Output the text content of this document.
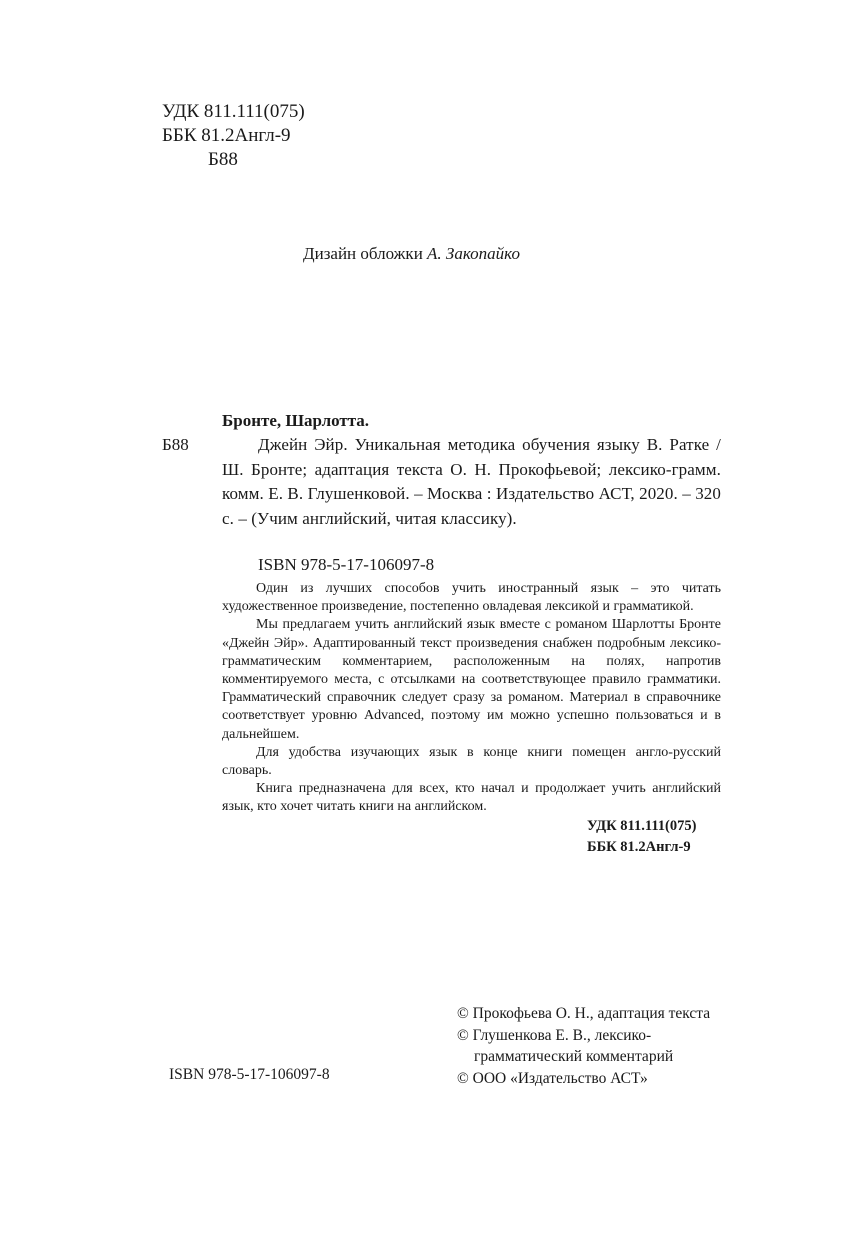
УДК 811.111(075)
ББК 81.2Англ-9
Б88
Дизайн обложки А. Закопайко
Бронте, Шарлотта.
Б88	Джейн Эйр. Уникальная методика обучения языку В. Ратке / Ш. Бронте; адаптация текста О. Н. Прокофьевой; лексико-грамм. комм. Е. В. Глушенковой. – Москва : Издательство АСТ, 2020. – 320 с. – (Учим английский, читая классику).
ISBN 978-5-17-106097-8

Один из лучших способов учить иностранный язык – это читать художественное произведение, постепенно овладевая лексикой и грамматикой.

Мы предлагаем учить английский язык вместе с романом Шарлотты Бронте «Джейн Эйр». Адаптированный текст произведения снабжен подробным лексико-грамматическим комментарием, расположенным на полях, напротив комментируемого места, с отсылками на соответствующее правило грамматики. Грамматический справочник следует сразу за романом. Материал в справочнике соответствует уровню Advanced, поэтому им можно успешно пользоваться и в дальнейшем.

Для удобства изучающих язык в конце книги помещен англо-русский словарь.

Книга предназначена для всех, кто начал и продолжает учить английский язык, кто хочет читать книги на английском.

УДК 811.111(075)
ББК 81.2Англ-9
ISBN 978-5-17-106097-8
© Прокофьева О. Н., адаптация текста
© Глушенкова Е. В., лексико-
грамматический комментарий
© ООО «Издательство АСТ»
